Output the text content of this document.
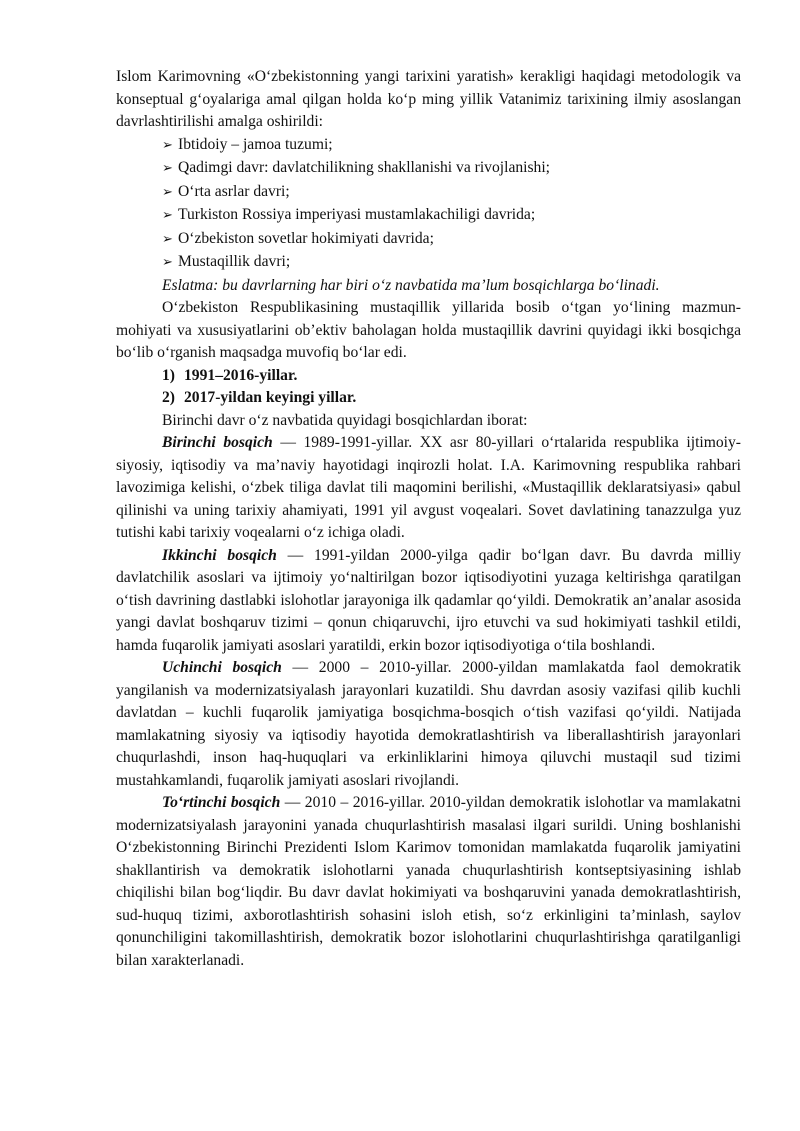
Islom Karimovning «O‘zbekistonning yangi tarixini yaratish» kerakligi haqidagi metodologik va konseptual g‘oyalariga amal qilgan holda ko‘p ming yillik Vatanimiz tarixining ilmiy asoslangan davrlashtirilishi amalga oshirildi:

➢ Ibtidoiy – jamoa tuzumi;
➢ Qadimgi davr: davlatchilikning shakllanishi va rivojlanishi;
➢ O‘rta asrlar davri;
➢ Turkiston Rossiya imperiyasi mustamlakachiligi davrida;
➢ O‘zbekiston sovetlar hokimiyati davrida;
➢ Mustaqillik davri;

Eslatma: bu davrlarning har biri o‘z navbatida ma’lum bosqichlarga bo‘linadi.

O‘zbekiston Respublikasining mustaqillik yillarida bosib o‘tgan yo‘lining mazmun-mohiyati va xususiyatlarini ob’ektiv baholagan holda mustaqillik davrini quyidagi ikki bosqichga bo‘lib o‘rganish maqsadga muvofiq bo‘lar edi.

1) 1991–2016-yillar.
2) 2017-yildan keyingi yillar.

Birinchi davr o‘z navbatida quyidagi bosqichlardan iborat:

Birinchi bosqich — 1989-1991-yillar. XX asr 80-yillari o‘rtalarida respublika ijtimoiy-siyosiy, iqtisodiy va ma’naviy hayotidagi inqirozli holat. I.A. Karimovning respublika rahbari lavozimiga kelishi, o‘zbek tiliga davlat tili maqomini berilishi, «Mustaqillik deklaratsiyasi» qabul qilinishi va uning tarixiy ahamiyati, 1991 yil avgust voqealari. Sovet davlatining tanazzulga yuz tutishi kabi tarixiy voqealarni o‘z ichiga oladi.

Ikkinchi bosqich — 1991-yildan 2000-yilga qadir bo‘lgan davr. Bu davrda milliy davlatchilik asoslari va ijtimoiy yo‘naltirilgan bozor iqtisodiyotini yuzaga keltirishga qaratilgan o‘tish davrining dastlabki islohotlar jarayoniga ilk qadamlar qo‘yildi. Demokratik an’analar asosida yangi davlat boshqaruv tizimi – qonun chiqaruvchi, ijro etuvchi va sud hokimiyati tashkil etildi, hamda fuqarolik jamiyati asoslari yaratildi, erkin bozor iqtisodiyotiga o‘tila boshlandi.

Uchinchi bosqich — 2000 – 2010-yillar. 2000-yildan mamlakatda faol demokratik yangilanish va modernizatsiyalash jarayonlari kuzatildi. Shu davrdan asosiy vazifasi qilib kuchli davlatdan – kuchli fuqarolik jamiyatiga bosqichma-bosqich o‘tish vazifasi qo‘yildi. Natijada mamlakatning siyosiy va iqtisodiy hayotida demokratlashtirish va liberallashtirish jarayonlari chuqurlashdi, inson haq-huquqlari va erkinliklarini himoya qiluvchi mustaqil sud tizimi mustahkamlandi, fuqarolik jamiyati asoslari rivojlandi.

To‘rtinchi bosqich — 2010 – 2016-yillar. 2010-yildan demokratik islohotlar va mamlakatni modernizatsiyalash jarayonini yanada chuqurlashtirish masalasi ilgari surildi. Uning boshlanishi O‘zbekistonning Birinchi Prezidenti Islom Karimov tomonidan mamlakatda fuqarolik jamiyatini shakllantirish va demokratik islohotlarni yanada chuqurlashtirish kontseptsiyasining ishlab chiqilishi bilan bog‘liqdir. Bu davr davlat hokimiyati va boshqaruvini yanada demokratlashtirish, sud-huquq tizimi, axborotlashtirish sohasini isloh etish, so‘z erkinligini ta’minlash, saylov qonunchiligini takomillashtirish, demokratik bozor islohotlarini chuqurlashtirishga qaratilganligi bilan xarakterlanadi.
